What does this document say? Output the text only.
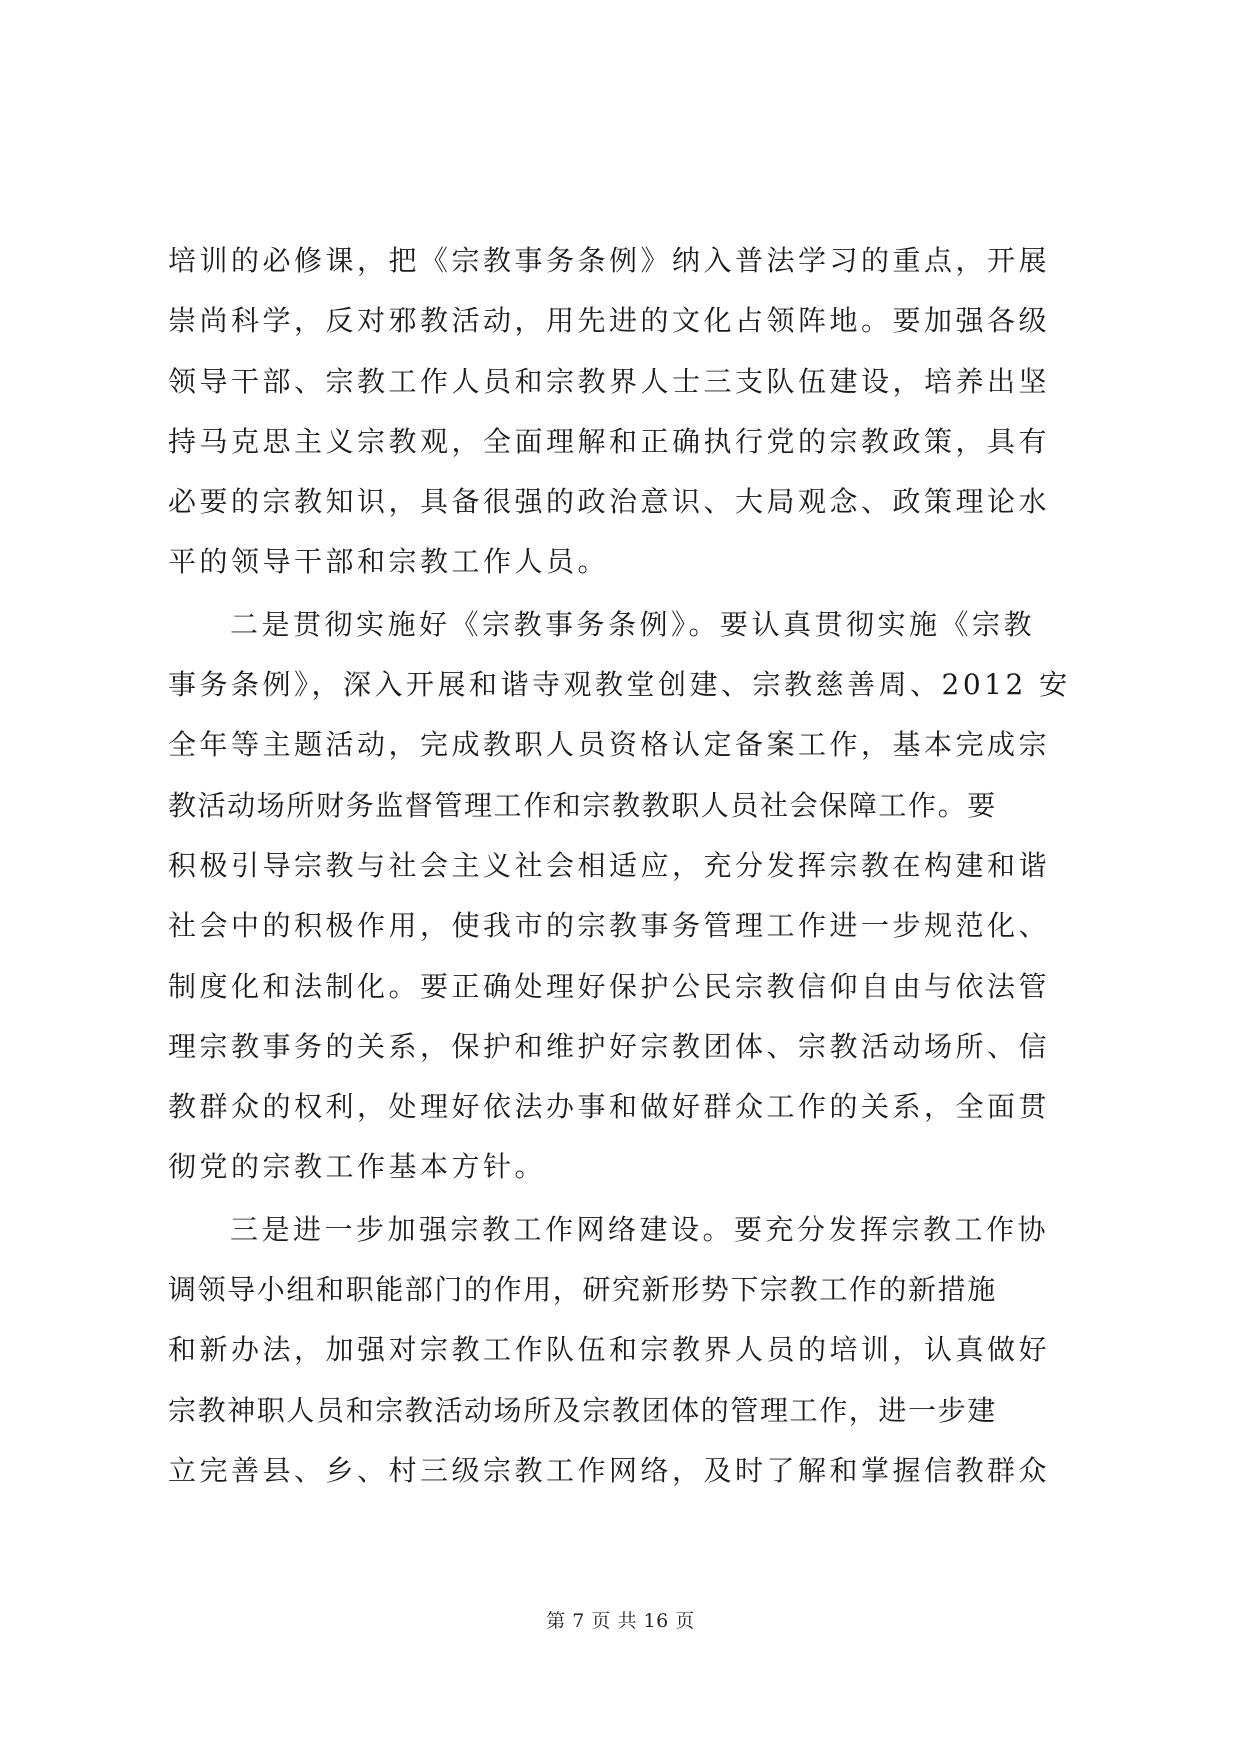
培训的必修课，把《宗教事务条例》纳入普法学习的重点，开展
崇尚科学，反对邪教活动，用先进的文化占领阵地。要加强各级
领导干部、宗教工作人员和宗教界人士三支队伍建设，培养出坚
持马克思主义宗教观，全面理解和正确执行党的宗教政策，具有
必要的宗教知识，具备很强的政治意识、大局观念、政策理论水
平的领导干部和宗教工作人员。
二是贯彻实施好《宗教事务条例》。要认真贯彻实施《宗教
事务条例》，深入开展和谐寺观教堂创建、宗教慈善周、2012 安
全年等主题活动，完成教职人员资格认定备案工作，基本完成宗
教活动场所财务监督管理工作和宗教教职人员社会保障工作。要
积极引导宗教与社会主义社会相适应，充分发挥宗教在构建和谐
社会中的积极作用，使我市的宗教事务管理工作进一步规范化、
制度化和法制化。要正确处理好保护公民宗教信仰自由与依法管
理宗教事务的关系，保护和维护好宗教团体、宗教活动场所、信
教群众的权利，处理好依法办事和做好群众工作的关系，全面贯
彻党的宗教工作基本方针。
三是进一步加强宗教工作网络建设。要充分发挥宗教工作协
调领导小组和职能部门的作用，研究新形势下宗教工作的新措施
和新办法，加强对宗教工作队伍和宗教界人员的培训，认真做好
宗教神职人员和宗教活动场所及宗教团体的管理工作，进一步建
立完善县、乡、村三级宗教工作网络，及时了解和掌握信教群众
第 7 页 共 16 页
